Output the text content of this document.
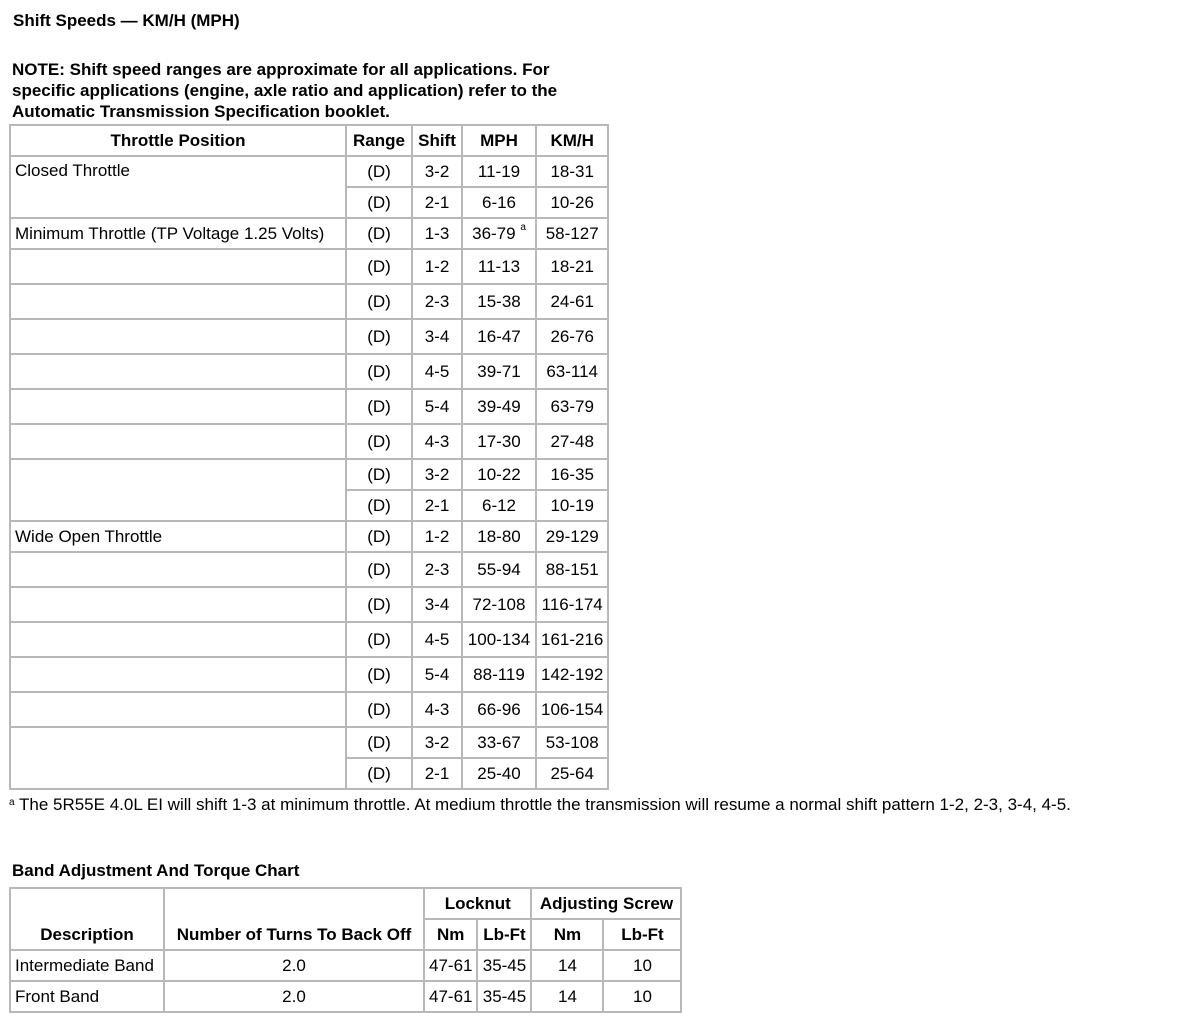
Shift Speeds — KM/H (MPH)
NOTE: Shift speed ranges are approximate for all applications. For specific applications (engine, axle ratio and application) refer to the Automatic Transmission Specification booklet.
Throttle Position	Range	Shift	MPH	KM/H
Closed Throttle	(D)	3-2	11-19	18-31
	(D)	2-1	6-16	10-26
Minimum Throttle (TP Voltage 1.25 Volts)	(D)	1-3	36-79 $^a$	58-127
	(D)	1-2	11-13	18-21
	(D)	2-3	15-38	24-61
	(D)	3-4	16-47	26-76
	(D)	4-5	39-71	63-114
	(D)	5-4	39-49	63-79
	(D)	4-3	17-30	27-48
	(D)	3-2	10-22	16-35
	(D)	2-1	6-12	10-19
Wide Open Throttle	(D)	1-2	18-80	29-129
	(D)	2-3	55-94	88-151
	(D)	3-4	72-108	116-174
	(D)	4-5	100-134	161-216
	(D)	5-4	88-119	142-192
	(D)	4-3	66-96	106-154
	(D)	3-2	33-67	53-108
	(D)	2-1	25-40	25-64
$^a$ The 5R55E 4.0L EI will shift 1-3 at minimum throttle. At medium throttle the transmission will resume a normal shift pattern 1-2, 2-3, 3-4, 4-5.
Band Adjustment And Torque Chart
Description	Number of Turns To Back Off	Locknut		Adjusting Screw	
		Nm	Lb-Ft	Nm	Lb-Ft
Intermediate Band	2.0	47-61	35-45	14	10
Front Band	2.0	47-61	35-45	14	10
